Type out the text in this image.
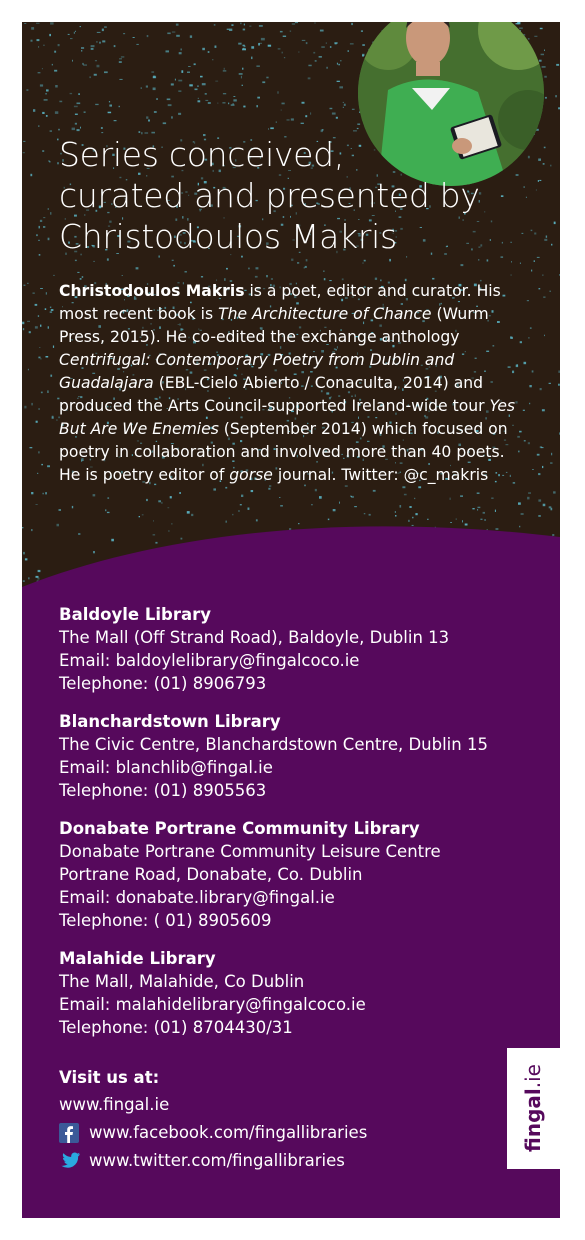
Series conceived,
curated and presented by
Christodoulos Makris

Christodoulos Makris is a poet, editor and curator. His most recent book is The Architecture of Chance (Wurm Press, 2015). He co-edited the exchange anthology Centrifugal: Contemporary Poetry from Dublin and Guadalajara (EBL-Cielo Abierto / Conaculta, 2014) and produced the Arts Council-supported Ireland-wide tour Yes But Are We Enemies (September 2014) which focused on poetry in collaboration and involved more than 40 poets. He is poetry editor of gorse journal. Twitter: @c_makris

Baldoyle Library
The Mall (Off Strand Road), Baldoyle, Dublin 13
Email: baldoylelibrary@fingalcoco.ie
Telephone: (01) 8906793
Blanchardstown Library
The Civic Centre, Blanchardstown Centre, Dublin 15
Email: blanchlib@fingal.ie
Telephone: (01) 8905563
Donabate Portrane Community Library
Donabate Portrane Community Leisure Centre
Portrane Road, Donabate, Co. Dublin
Email: donabate.library@fingal.ie
Telephone: ( 01) 8905609
Malahide Library
The Mall, Malahide, Co Dublin
Email: malahidelibrary@fingalcoco.ie
Telephone: (01) 8704430/31
Visit us at:
www.fingal.ie
www.facebook.com/fingallibraries
www.twitter.com/fingallibraries
fingal.ie
